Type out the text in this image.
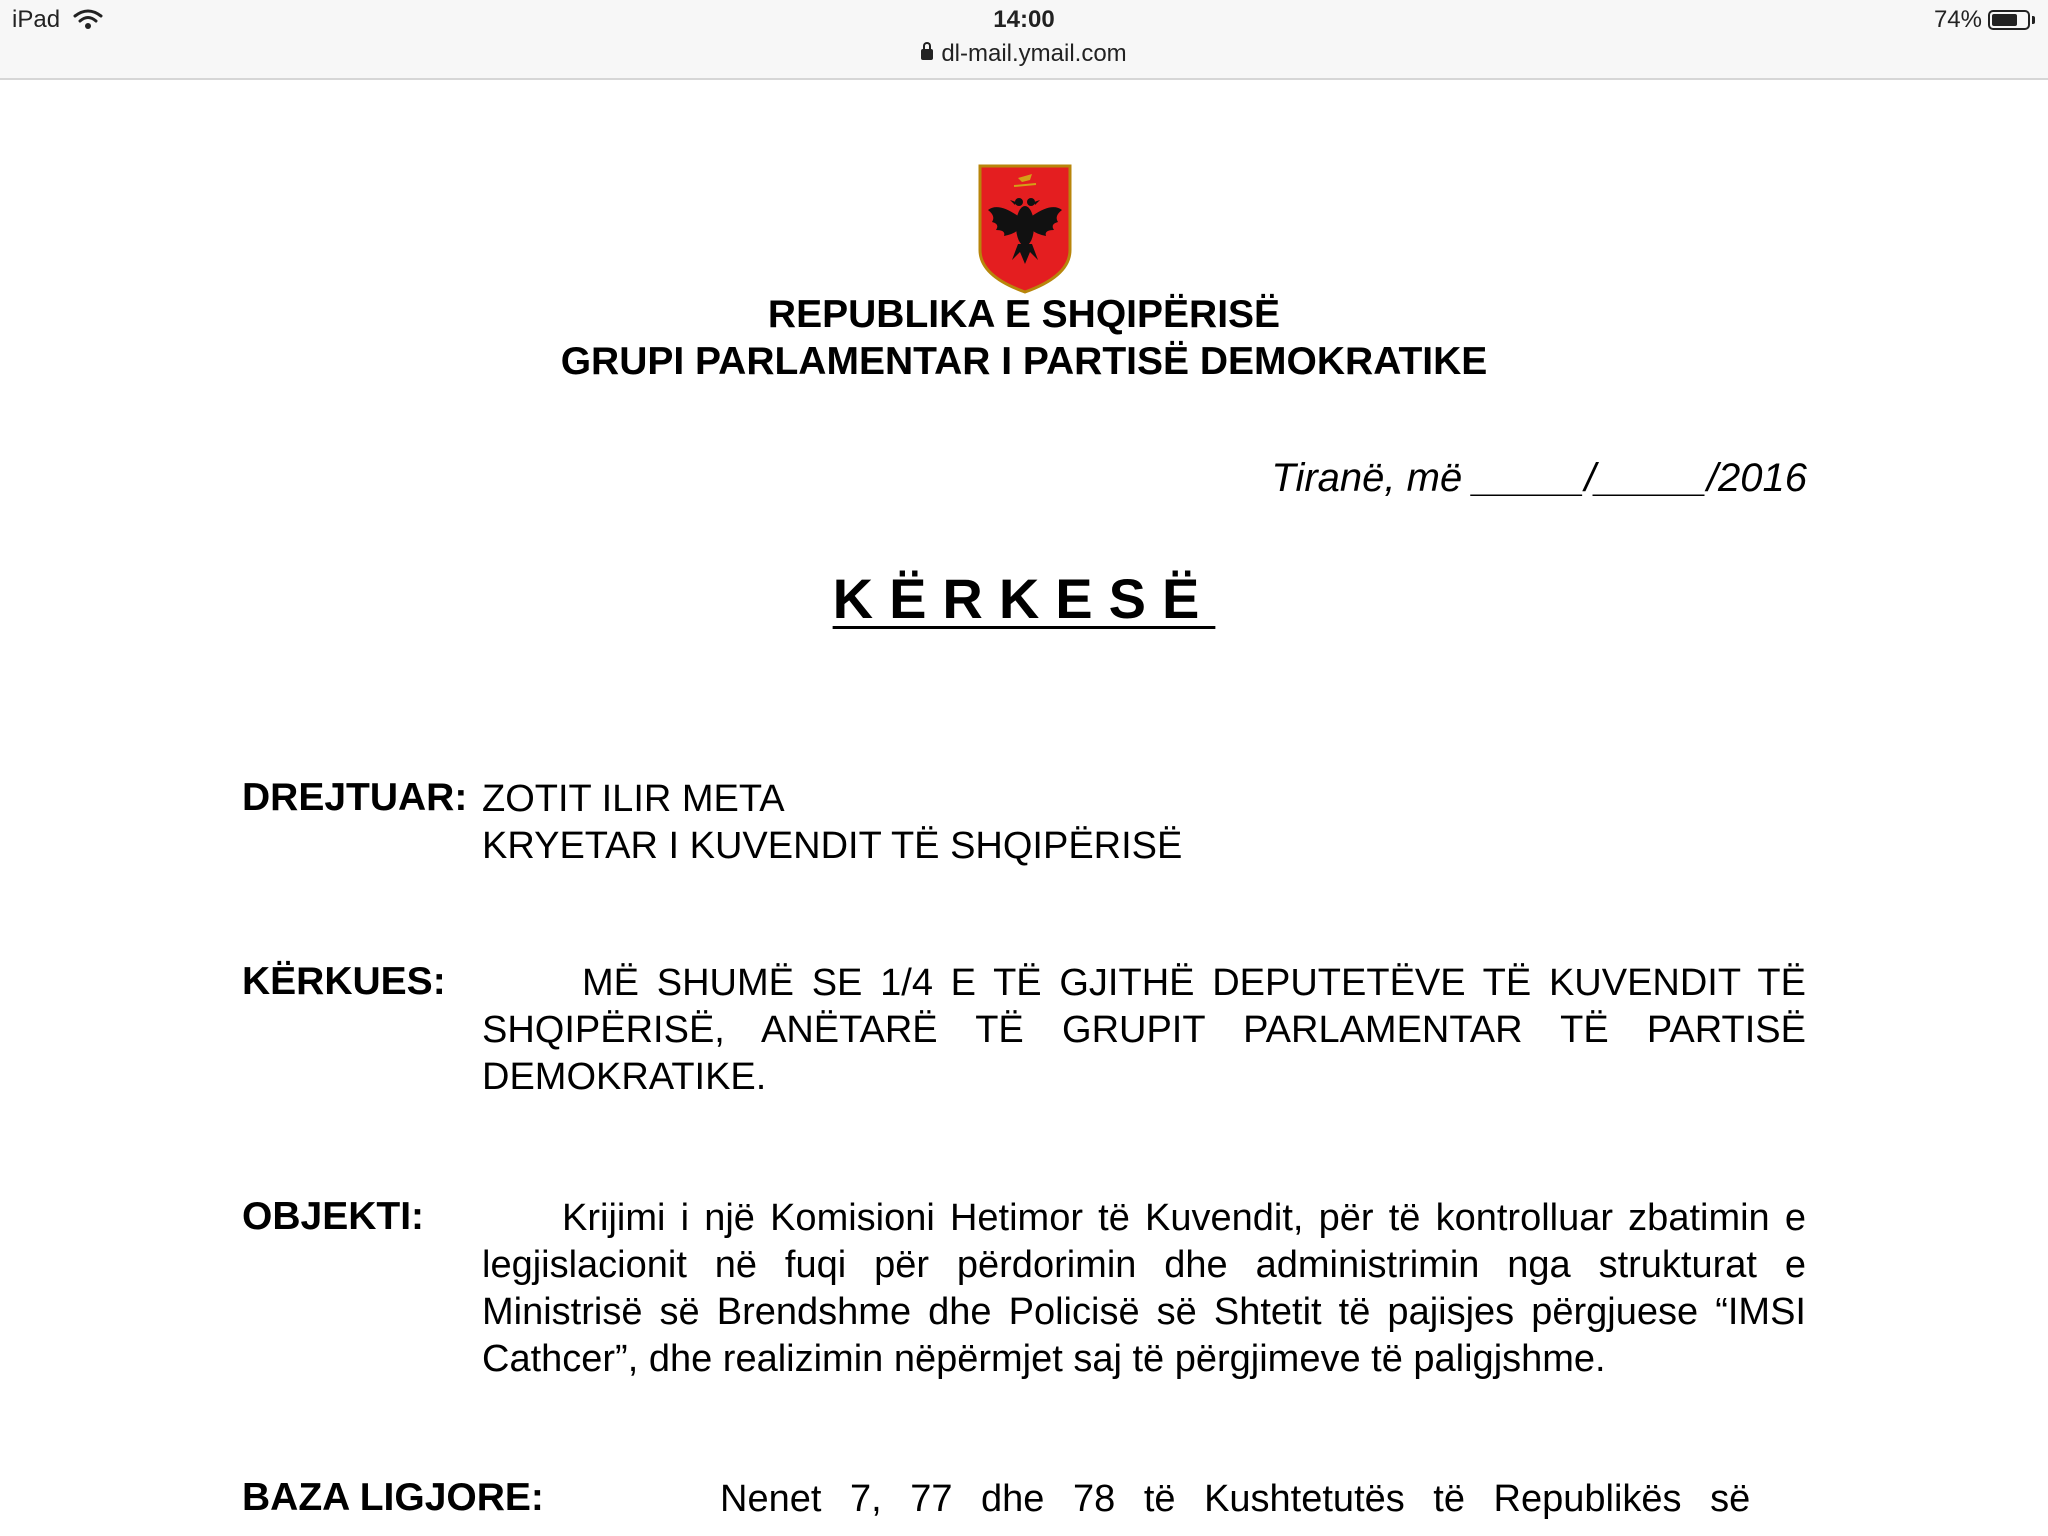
iPad	14:00
dl-mail.ymail.com
74%
REPUBLIKA E SHQIPËRISË
GRUPI PARLAMENTAR I PARTISË DEMOKRATIKE
Tiranë, më _____/_____/2016
KËRKESË
DREJTUAR: ZOTIT ILIR META
KRYETAR I KUVENDIT TË SHQIPËRISË
KËRKUES:	MË SHUMË SE 1/4 E TË GJITHË DEPUTETËVE TË KUVENDIT TË SHQIPËRISË, ANËTARË TË GRUPIT PARLAMENTAR TË PARTISË DEMOKRATIKE.
OBJEKTI:	Krijimi i një Komisioni Hetimor të Kuvendit, për të kontrolluar zbatimin e legjislacionit në fuqi për përdorimin dhe administrimin nga strukturat e Ministrisë së Brendshme dhe Policisë së Shtetit të pajisjes përgjuese “IMSI Cathcer”, dhe realizimin nëpërmjet saj të përgjimeve të paligjshme.
BAZA LIGJORE:	Nenet 7, 77 dhe 78 të Kushtetutës të Republikës së
